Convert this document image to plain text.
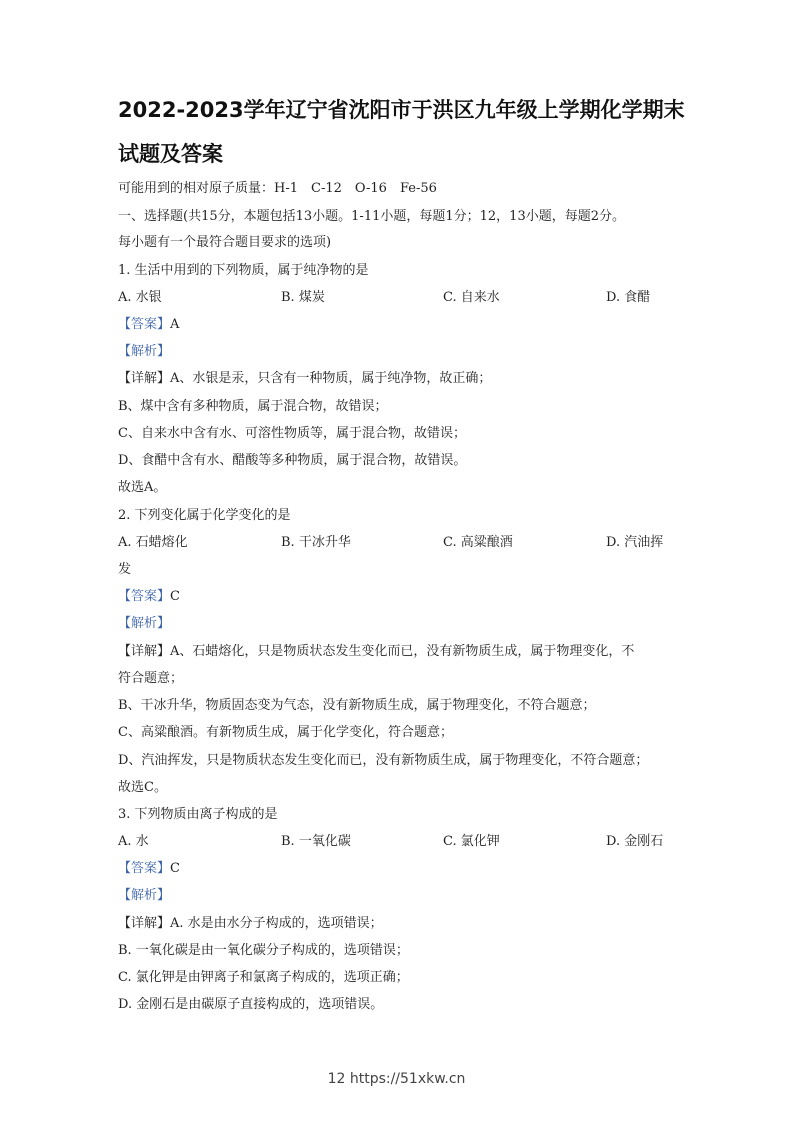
2022-2023学年辽宁省沈阳市于洪区九年级上学期化学期末试题及答案
可能用到的相对原子质量：H-1　C-12　O-16　Fe-56
一、选择题(共15分，本题包括13小题。1-11小题，每题1分；12，13小题，每题2分。
每小题有一个最符合题目要求的选项)
1. 生活中用到的下列物质，属于纯净物的是
A. 水银	B. 煤炭	C. 自来水	D. 食醋
【答案】A
【解析】
【详解】A、水银是汞，只含有一种物质，属于纯净物，故正确；
B、煤中含有多种物质，属于混合物，故错误；
C、自来水中含有水、可溶性物质等，属于混合物，故错误；
D、食醋中含有水、醋酸等多种物质，属于混合物，故错误。
故选A。
2. 下列变化属于化学变化的是
A. 石蜡熔化	B. 干冰升华	C. 高粱酿酒	D. 汽油挥
发
【答案】C
【解析】
【详解】A、石蜡熔化，只是物质状态发生变化而已，没有新物质生成，属于物理变化，不
符合题意；
B、干冰升华，物质固态变为气态，没有新物质生成，属于物理变化，不符合题意；
C、高粱酿酒。有新物质生成，属于化学变化，符合题意；
D、汽油挥发，只是物质状态发生变化而已，没有新物质生成，属于物理变化，不符合题意；
故选C。
3. 下列物质由离子构成的是
A. 水	B. 一氧化碳	C. 氯化钾	D. 金刚石
【答案】C
【解析】
【详解】A. 水是由水分子构成的，选项错误；
B. 一氧化碳是由一氧化碳分子构成的，选项错误；
C. 氯化钾是由钾离子和氯离子构成的，选项正确；
D. 金刚石是由碳原子直接构成的，选项错误。
12 https://51xkw.cn
